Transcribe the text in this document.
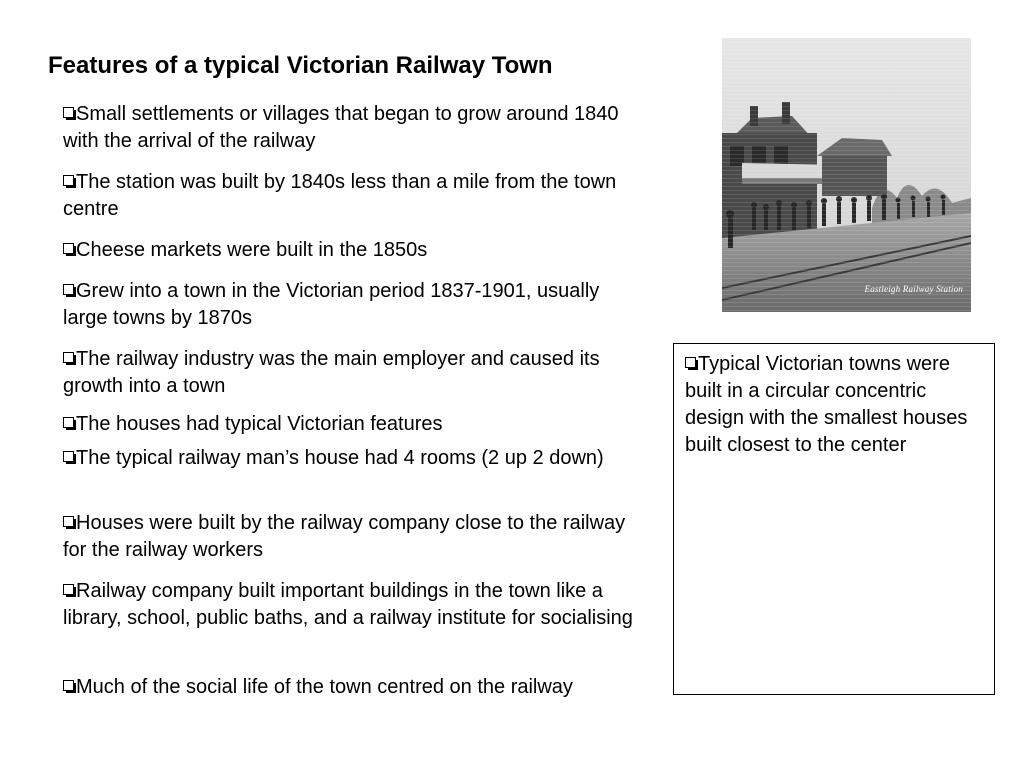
Features of a typical Victorian Railway Town
Small settlements or villages that began to grow around 1840 with the arrival of the railway
The station was built by 1840s less than a mile from the town centre
Cheese markets were built in the 1850s
Grew into a town in the Victorian period 1837-1901, usually large towns by 1870s
The railway industry was the main employer and caused its growth into a town
The houses had typical Victorian features
The typical railway man’s house had 4 rooms (2 up 2 down)
Houses were built by the railway company close to the railway for the railway workers
Railway company built important buildings in the town like a library, school, public baths, and a railway institute for socialising
Much of the social life of the town centred on the railway
Eastleigh Railway Station
Typical Victorian towns were built in a circular concentric design with the smallest houses built closest to the center
